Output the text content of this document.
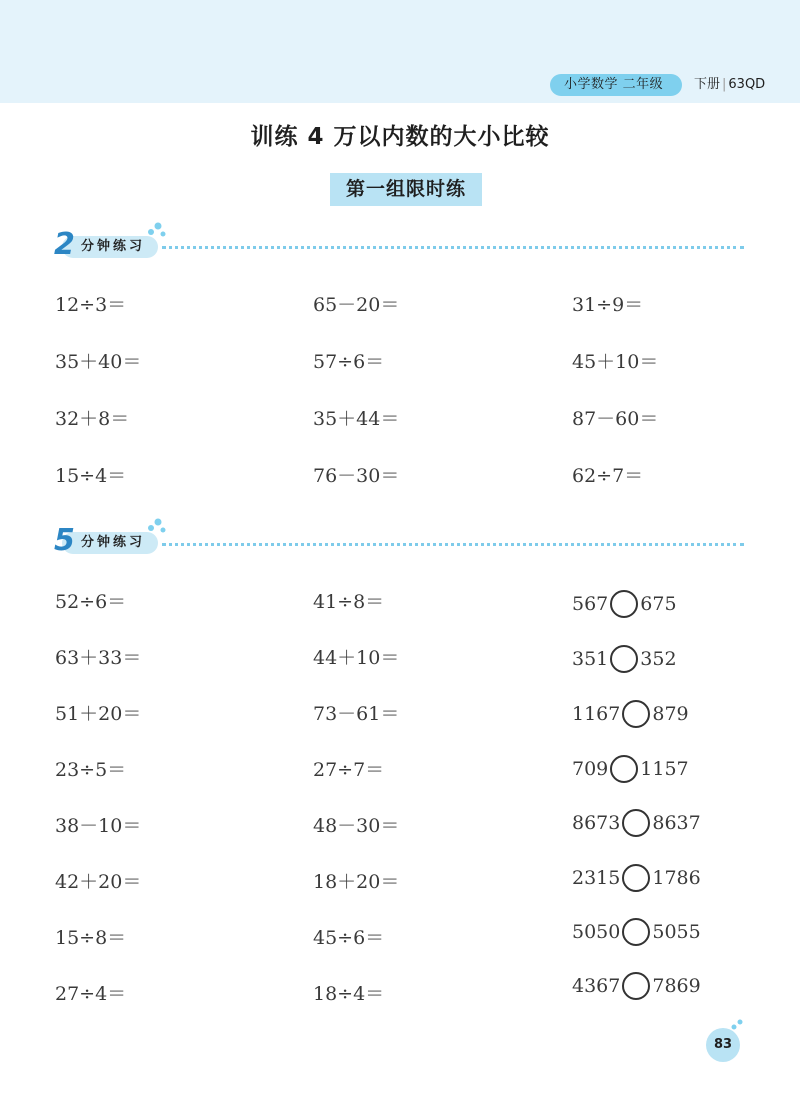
小学数学 二年级	下册 | 63QD
训练 4 万以内数的大小比较
第一组限时练
2 分钟练习
12÷3＝
35＋40＝
32＋8＝
15÷4＝
65－20＝
57÷6＝
35＋44＝
76－30＝
31÷9＝
45＋10＝
87－60＝
62÷7＝
5 分钟练习
52÷6＝
63＋33＝
51＋20＝
23÷5＝
38－10＝
42＋20＝
15÷8＝
27÷4＝
41÷8＝
44＋10＝
73－61＝
27÷7＝
48－30＝
18＋20＝
45÷6＝
18÷4＝
567 675
351 352
1167 879
709 1157
8673 8637
2315 1786
5050 5055
4367 7869
83
